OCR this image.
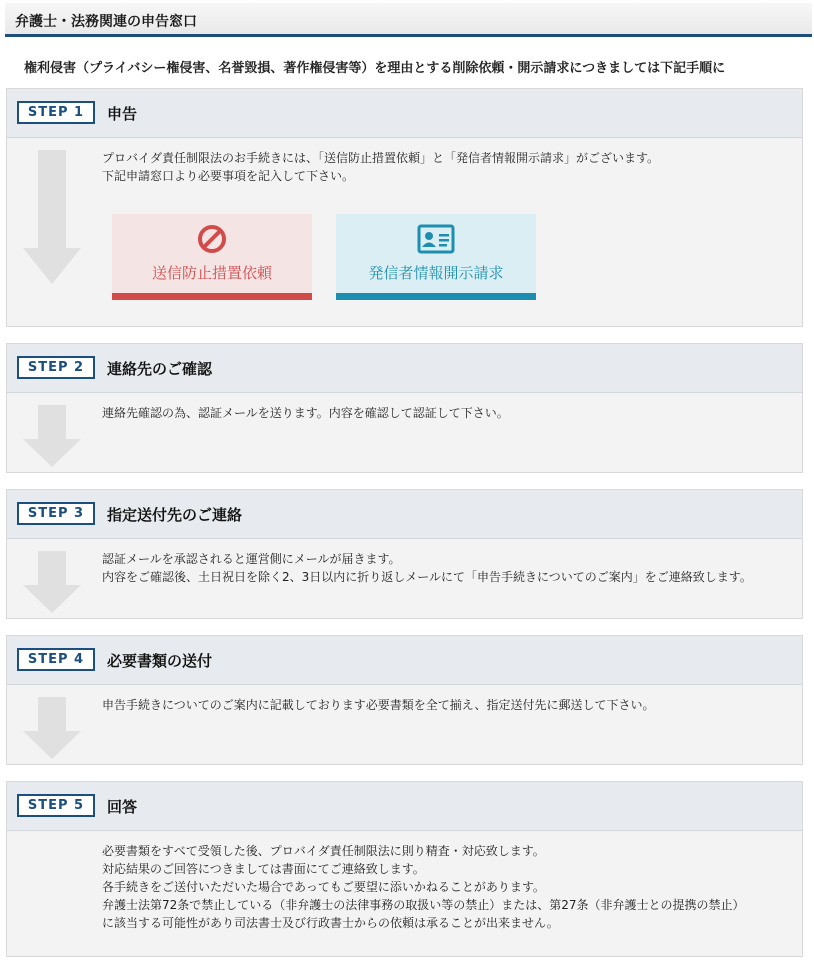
弁護士・法務関連の申告窓口
権利侵害（プライバシー権侵害、名誉毀損、著作権侵害等）を理由とする削除依頼・開示請求につきましては下記手順に
STEP 1	申告
プロバイダ責任制限法のお手続きには、「送信防止措置依頼」と「発信者情報開示請求」がございます。
下記申請窓口より必要事項を記入して下さい。
送信防止措置依頼	発信者情報開示請求
STEP 2	連絡先のご確認
連絡先確認の為、認証メールを送ります。内容を確認して認証して下さい。
STEP 3	指定送付先のご連絡
認証メールを承認されると運営側にメールが届きます。
内容をご確認後、土日祝日を除く2、3日以内に折り返しメールにて「申告手続きについてのご案内」をご連絡致します。
STEP 4	必要書類の送付
申告手続きについてのご案内に記載しております必要書類を全て揃え、指定送付先に郵送して下さい。
STEP 5	回答
必要書類をすべて受領した後、プロバイダ責任制限法に則り精査・対応致します。
対応結果のご回答につきましては書面にてご連絡致します。
各手続きをご送付いただいた場合であってもご要望に添いかねることがあります。
弁護士法第72条で禁止している（非弁護士の法律事務の取扱い等の禁止）または、第27条（非弁護士との提携の禁止）
に該当する可能性があり司法書士及び行政書士からの依頼は承ることが出来ません。
